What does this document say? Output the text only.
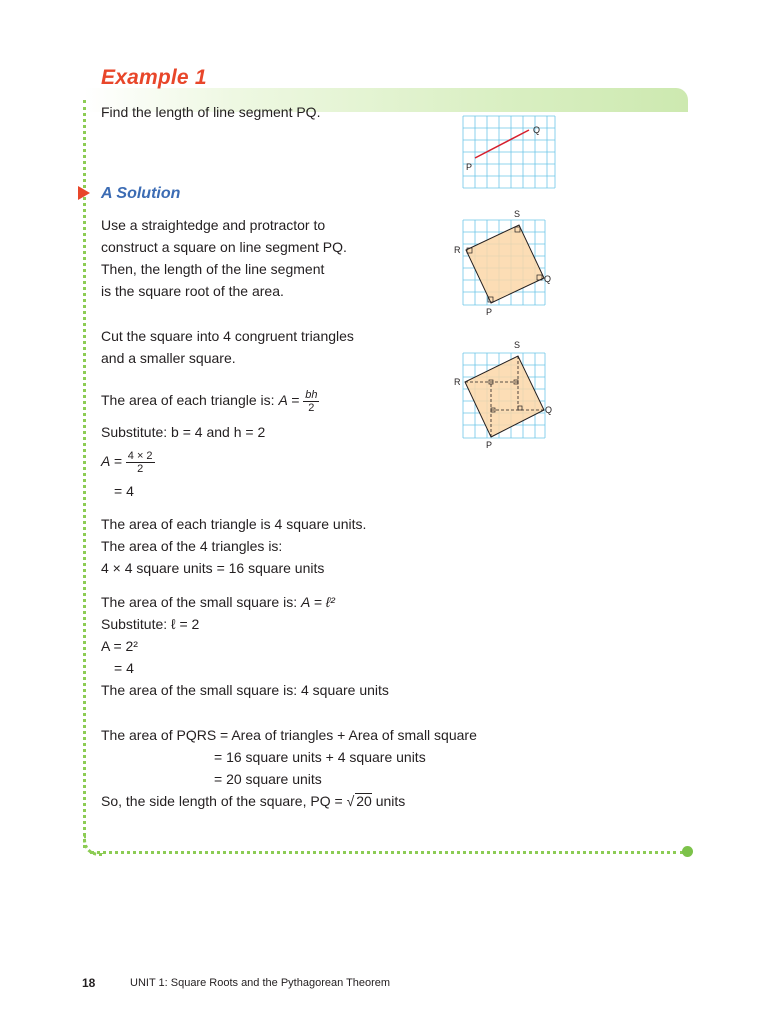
Example 1
Find the length of line segment PQ.
A Solution
Use a straightedge and protractor to
construct a square on line segment PQ.
Then, the length of the line segment
is the square root of the area.
Cut the square into 4 congruent triangles
and a smaller square.
The area of each triangle is: $A = \frac{bh}{2}$
Substitute: b = 4 and h = 2
$A = \frac{4 \times 2}{2}$
= 4
The area of each triangle is 4 square units.
The area of the 4 triangles is:
4 × 4 square units = 16 square units
The area of the small square is: A = ℓ²
Substitute: ℓ = 2
A = 2²
= 4
The area of the small square is: 4 square units
The area of PQRS = Area of triangles + Area of small square
= 16 square units + 4 square units
= 20 square units
So, the side length of the square, PQ = √ 20 units
P
Q
P
Q
R
S
P
Q
R
S
18	UNIT 1: Square Roots and the Pythagorean Theorem
